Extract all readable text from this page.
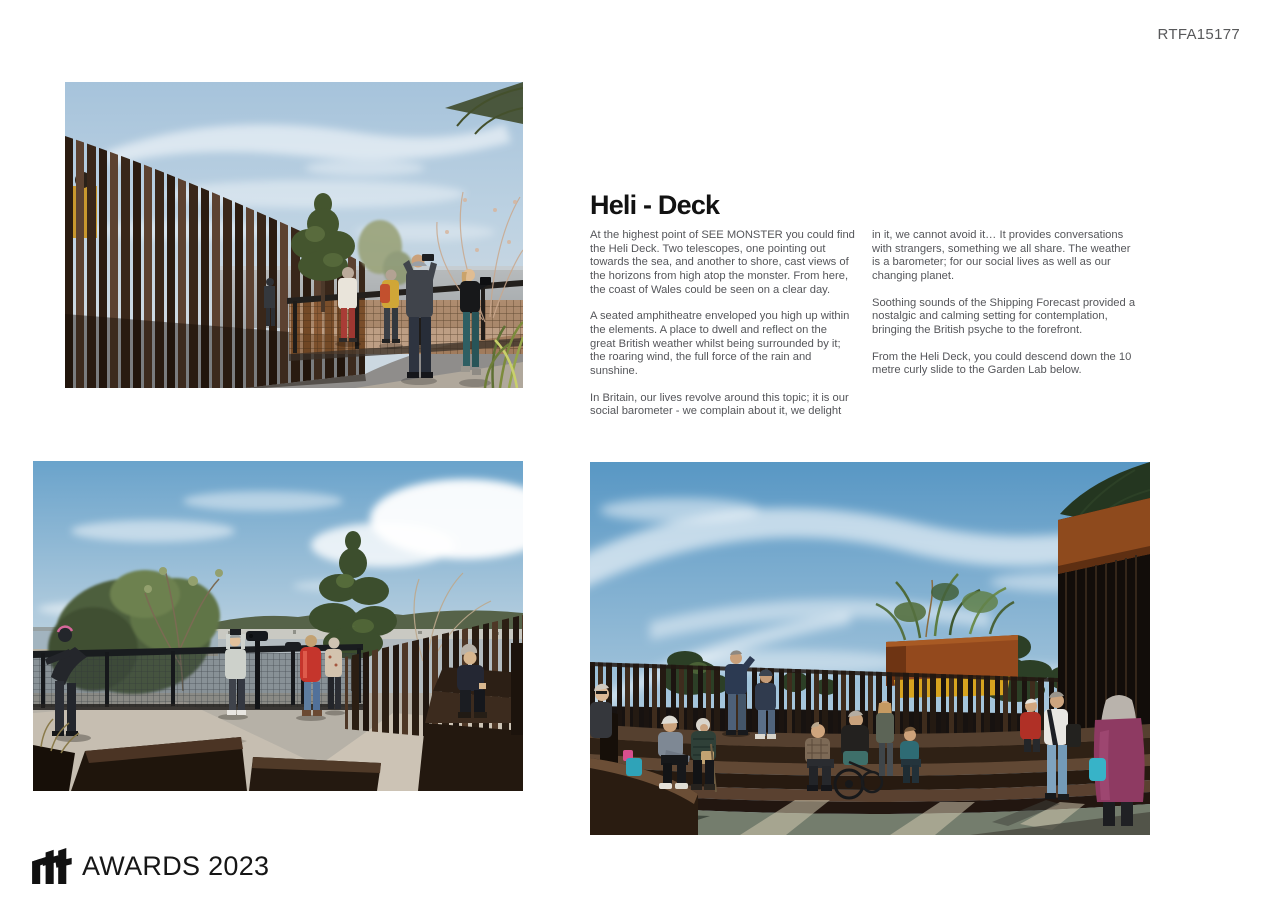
RTFA15177
Heli - Deck

At the highest point of SEE MONSTER you could find the Heli Deck. Two telescopes, one pointing out towards the sea, and another to shore, cast views of the horizons from high atop the monster. From here, the coast of Wales could be seen on a clear day.

A seated amphitheatre enveloped you high up within the elements. A place to dwell and reflect on the great British weather whilst being surrounded by it; the roaring wind, the full force of the rain and sunshine.

In Britain, our lives revolve around this topic; it is our social barometer - we complain about it, we delight

in it, we cannot avoid it… It provides conversations with strangers, something we all share. The weather is a barometer; for our social lives as well as our changing planet.

Soothing sounds of the Shipping Forecast provided a nostalgic and calming setting for contemplation, bringing the British psyche to the forefront.

From the Heli Deck, you could descend down the 10 metre curly slide to the Garden Lab below.

AWARDS 2023
